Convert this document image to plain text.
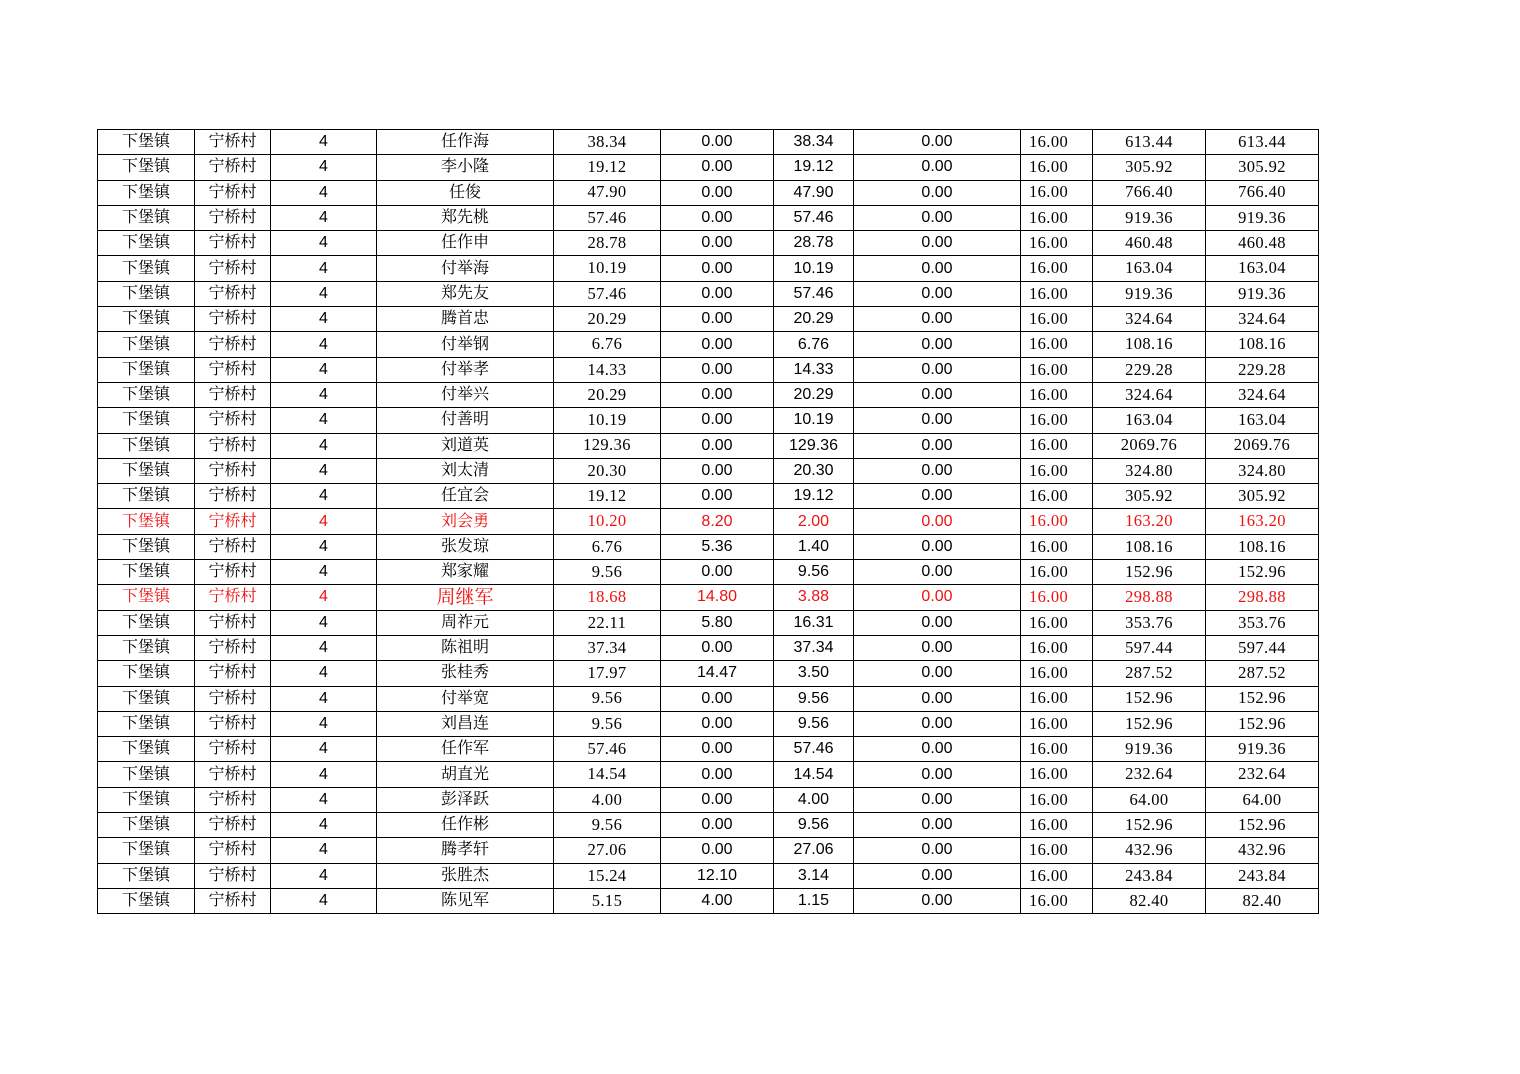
下堡镇	宁桥村	4	任作海	38.34	0.00	38.34	0.00	16.00	613.44	613.44
下堡镇	宁桥村	4	李小隆	19.12	0.00	19.12	0.00	16.00	305.92	305.92
下堡镇	宁桥村	4	任俊	47.90	0.00	47.90	0.00	16.00	766.40	766.40
下堡镇	宁桥村	4	郑先桃	57.46	0.00	57.46	0.00	16.00	919.36	919.36
下堡镇	宁桥村	4	任作申	28.78	0.00	28.78	0.00	16.00	460.48	460.48
下堡镇	宁桥村	4	付举海	10.19	0.00	10.19	0.00	16.00	163.04	163.04
下堡镇	宁桥村	4	郑先友	57.46	0.00	57.46	0.00	16.00	919.36	919.36
下堡镇	宁桥村	4	腾首忠	20.29	0.00	20.29	0.00	16.00	324.64	324.64
下堡镇	宁桥村	4	付举钢	6.76	0.00	6.76	0.00	16.00	108.16	108.16
下堡镇	宁桥村	4	付举孝	14.33	0.00	14.33	0.00	16.00	229.28	229.28
下堡镇	宁桥村	4	付举兴	20.29	0.00	20.29	0.00	16.00	324.64	324.64
下堡镇	宁桥村	4	付善明	10.19	0.00	10.19	0.00	16.00	163.04	163.04
下堡镇	宁桥村	4	刘道英	129.36	0.00	129.36	0.00	16.00	2069.76	2069.76
下堡镇	宁桥村	4	刘太清	20.30	0.00	20.30	0.00	16.00	324.80	324.80
下堡镇	宁桥村	4	任宜会	19.12	0.00	19.12	0.00	16.00	305.92	305.92
下堡镇	宁桥村	4	刘会勇	10.20	8.20	2.00	0.00	16.00	163.20	163.20
下堡镇	宁桥村	4	张发琼	6.76	5.36	1.40	0.00	16.00	108.16	108.16
下堡镇	宁桥村	4	郑家耀	9.56	0.00	9.56	0.00	16.00	152.96	152.96
下堡镇	宁桥村	4	周继军	18.68	14.80	3.88	0.00	16.00	298.88	298.88
下堡镇	宁桥村	4	周祚元	22.11	5.80	16.31	0.00	16.00	353.76	353.76
下堡镇	宁桥村	4	陈祖明	37.34	0.00	37.34	0.00	16.00	597.44	597.44
下堡镇	宁桥村	4	张桂秀	17.97	14.47	3.50	0.00	16.00	287.52	287.52
下堡镇	宁桥村	4	付举宽	9.56	0.00	9.56	0.00	16.00	152.96	152.96
下堡镇	宁桥村	4	刘昌连	9.56	0.00	9.56	0.00	16.00	152.96	152.96
下堡镇	宁桥村	4	任作军	57.46	0.00	57.46	0.00	16.00	919.36	919.36
下堡镇	宁桥村	4	胡直光	14.54	0.00	14.54	0.00	16.00	232.64	232.64
下堡镇	宁桥村	4	彭泽跃	4.00	0.00	4.00	0.00	16.00	64.00	64.00
下堡镇	宁桥村	4	任作彬	9.56	0.00	9.56	0.00	16.00	152.96	152.96
下堡镇	宁桥村	4	腾孝轩	27.06	0.00	27.06	0.00	16.00	432.96	432.96
下堡镇	宁桥村	4	张胜杰	15.24	12.10	3.14	0.00	16.00	243.84	243.84
下堡镇	宁桥村	4	陈见军	5.15	4.00	1.15	0.00	16.00	82.40	82.40
